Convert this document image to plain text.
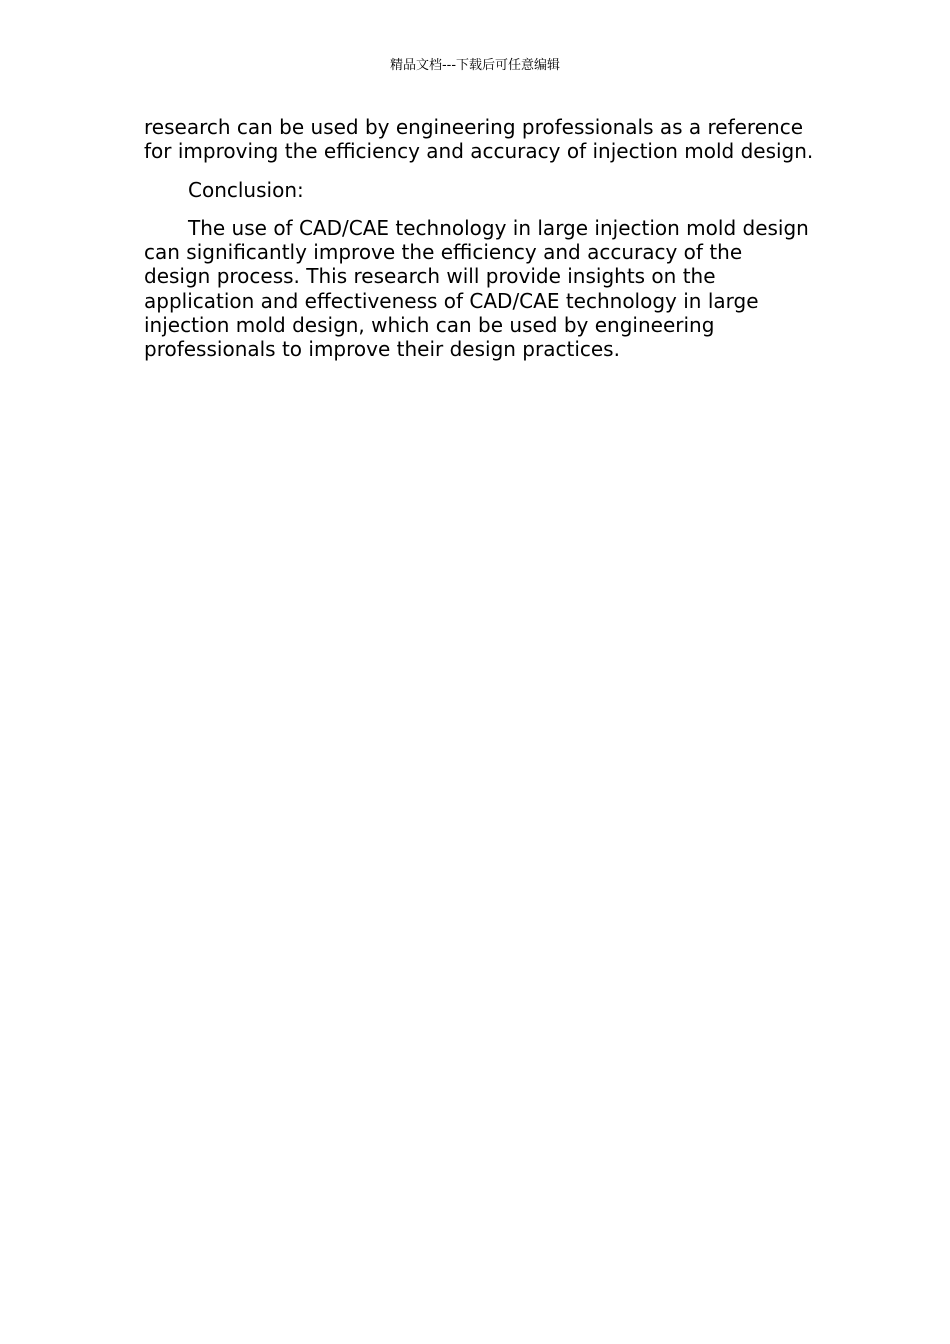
精品文档---下载后可任意编辑

research can be used by engineering professionals as a reference for improving the efficiency and accuracy of injection mold design.

Conclusion:

The use of CAD/CAE technology in large injection mold design can significantly improve the efficiency and accuracy of the design process. This research will provide insights on the application and effectiveness of CAD/CAE technology in large injection mold design, which can be used by engineering professionals to improve their design practices.
